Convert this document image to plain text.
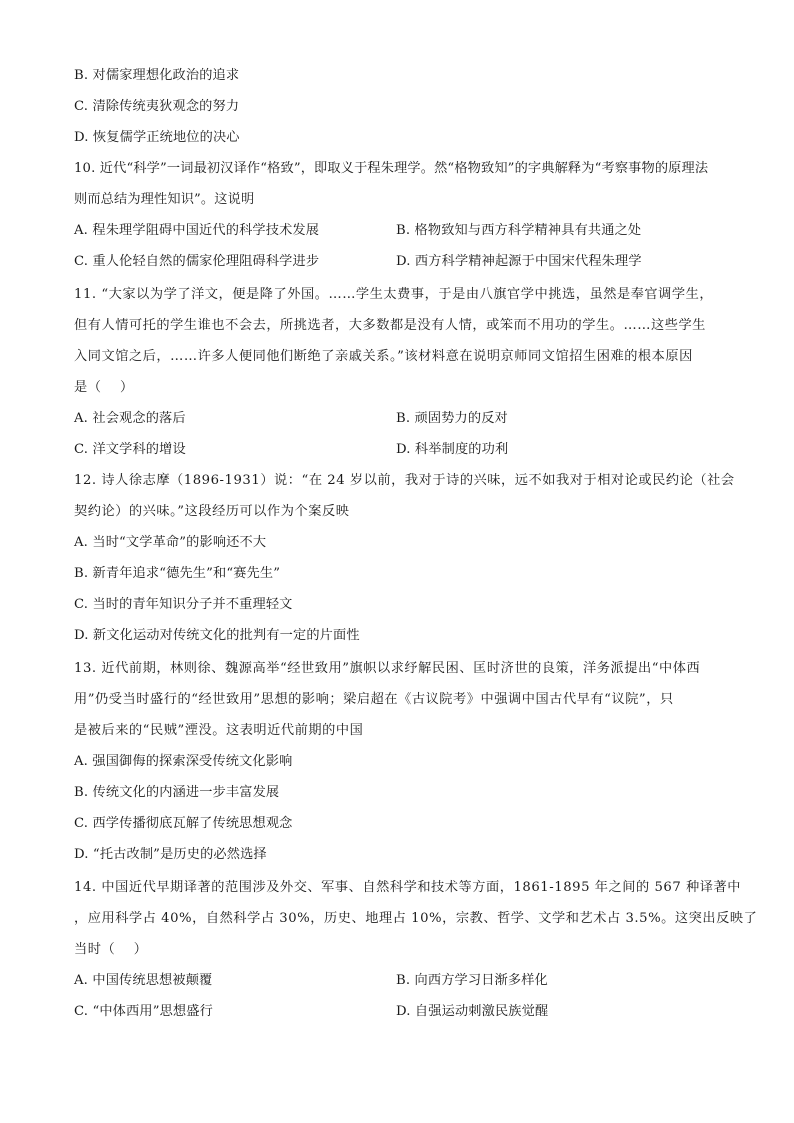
B. 对儒家理想化政治的追求
C. 清除传统夷狄观念的努力
D. 恢复儒学正统地位的决心
10. 近代“科学”一词最初汉译作“格致”，即取义于程朱理学。然“格物致知”的字典解释为“考察事物的原理法
则而总结为理性知识”。这说明
A. 程朱理学阻碍中国近代的科学技术发展	B. 格物致知与西方科学精神具有共通之处
C. 重人伦轻自然的儒家伦理阻碍科学进步	D. 西方科学精神起源于中国宋代程朱理学
11. “大家以为学了洋文，便是降了外国。……学生太费事，于是由八旗官学中挑选，虽然是奉官调学生，
但有人情可托的学生谁也不会去，所挑选者，大多数都是没有人情，或笨而不用功的学生。……这些学生
入同文馆之后，……许多人便同他们断绝了亲戚关系。”该材料意在说明京师同文馆招生困难的根本原因
是（　 ）
A. 社会观念的落后	B. 顽固势力的反对
C. 洋文学科的增设	D. 科举制度的功利
12. 诗人徐志摩（1896-1931）说：“在 24 岁以前，我对于诗的兴味，远不如我对于相对论或民约论（社会
契约论）的兴味。”这段经历可以作为个案反映
A. 当时“文学革命”的影响还不大
B. 新青年追求“德先生”和“赛先生”
C. 当时的青年知识分子并不重理轻文
D. 新文化运动对传统文化的批判有一定的片面性
13. 近代前期，林则徐、魏源高举“经世致用”旗帜以求纾解民困、匡时济世的良策，洋务派提出“中体西
用”仍受当时盛行的“经世致用”思想的影响；梁启超在《古议院考》中强调中国古代早有“议院”，只
是被后来的“民贼”湮没。这表明近代前期的中国
A. 强国御侮的探索深受传统文化影响
B. 传统文化的内涵进一步丰富发展
C. 西学传播彻底瓦解了传统思想观念
D. “托古改制”是历史的必然选择
14. 中国近代早期译著的范围涉及外交、军事、自然科学和技术等方面，1861-1895 年之间的 567 种译著中
，应用科学占 40%，自然科学占 30%，历史、地理占 10%，宗教、哲学、文学和艺术占 3.5%。这突出反映了
当时（　 ）
A. 中国传统思想被颠覆	B. 向西方学习日渐多样化
C. “中体西用”思想盛行	D. 自强运动刺激民族觉醒
